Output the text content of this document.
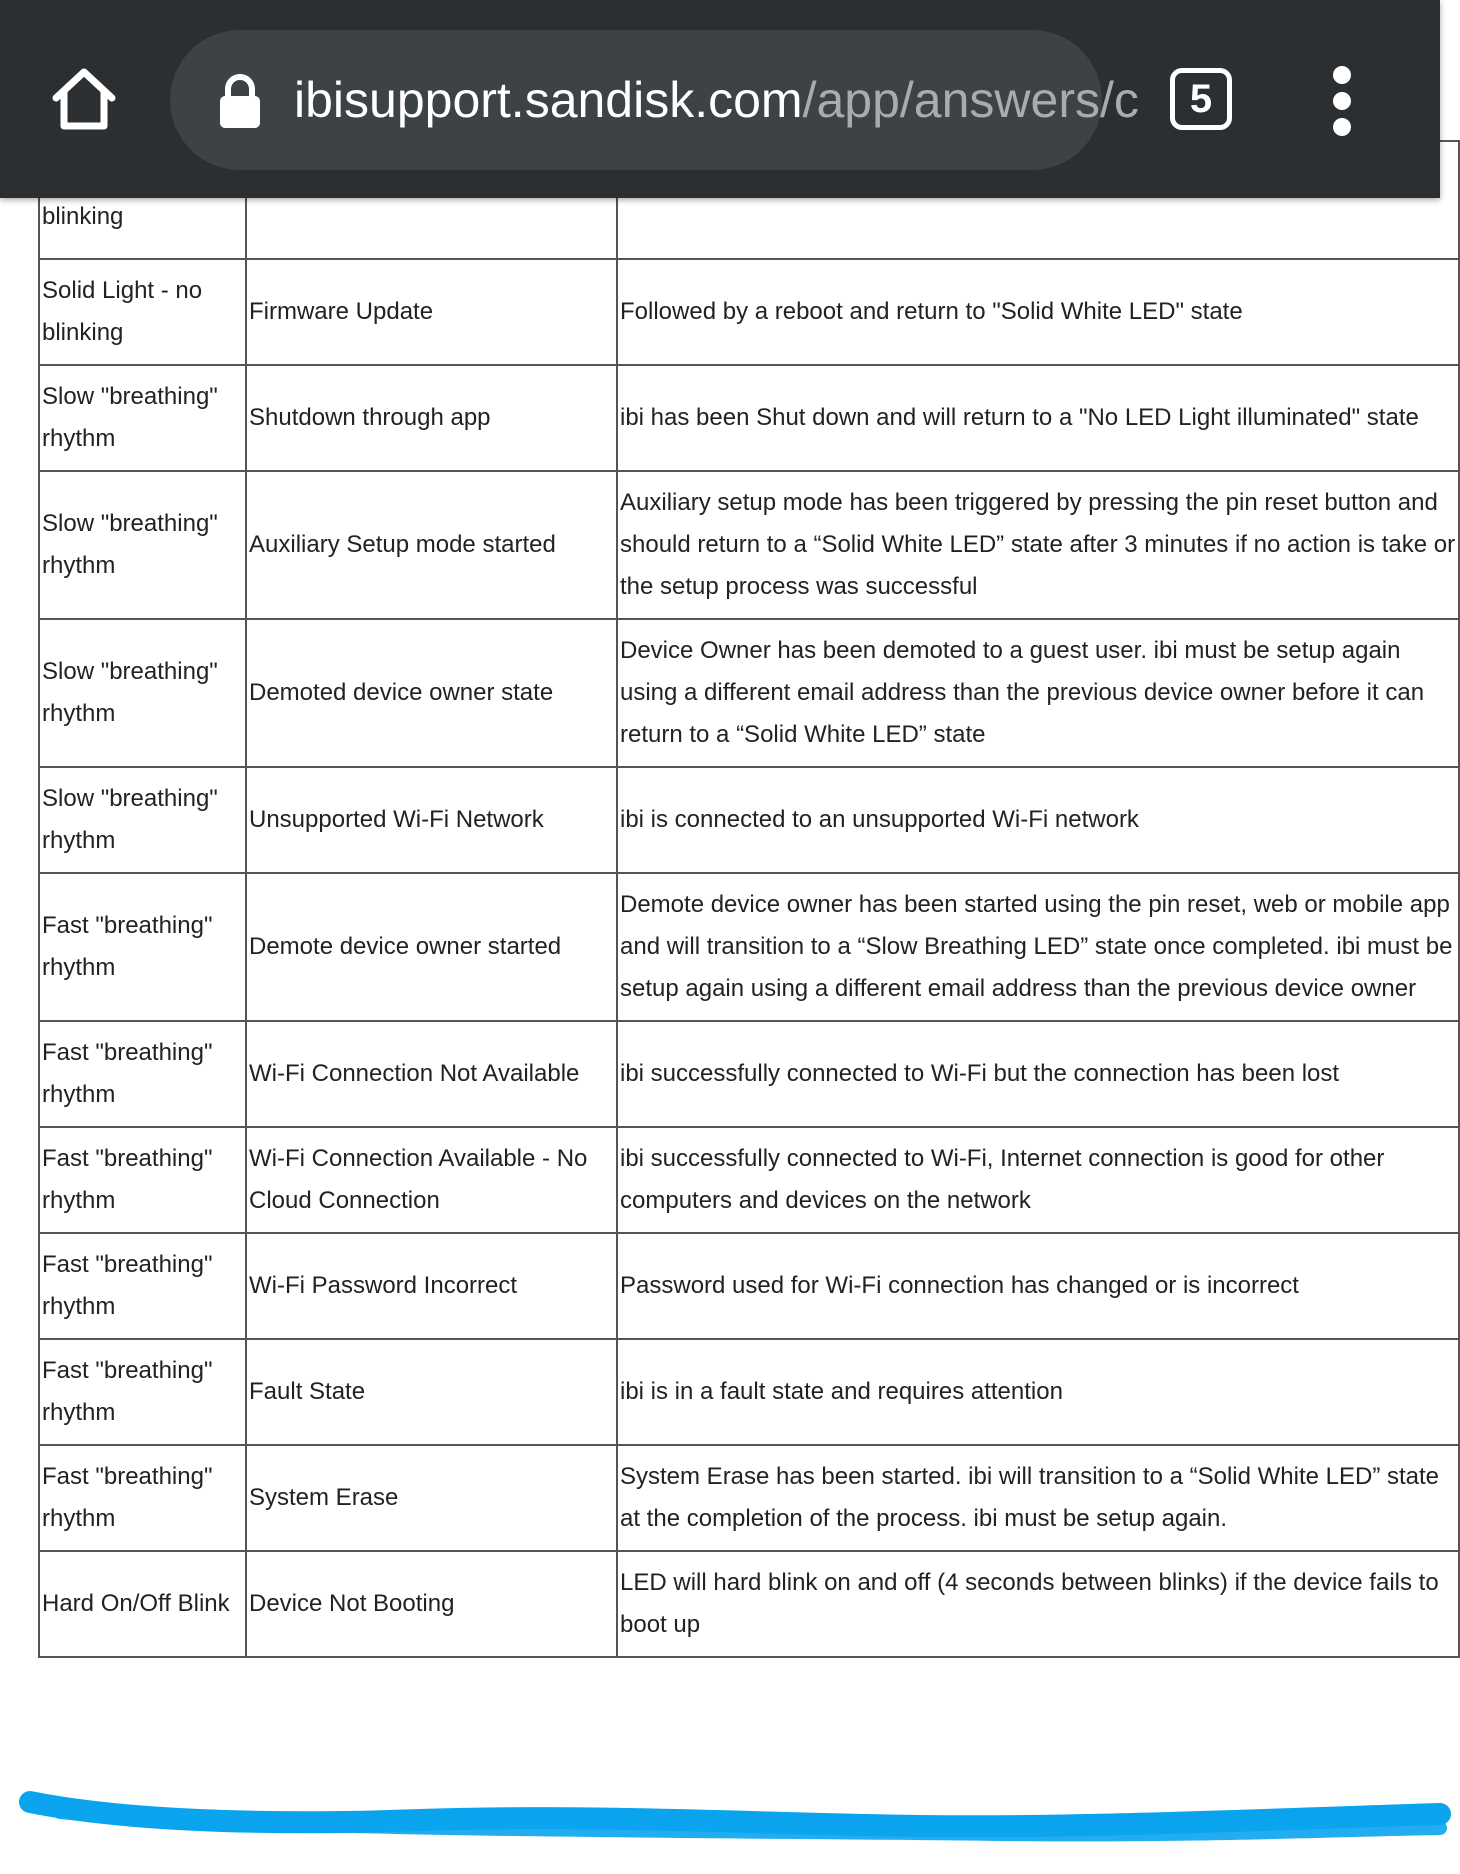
ibisupport.sandisk.com/app/answers/c	5
blinking	

Solid Light - no blinking	Firmware Update	Followed by a reboot and return to "Solid White LED" state
Slow "breathing" rhythm	Shutdown through app	ibi has been Shut down and will return to a "No LED Light illuminated" state
Slow "breathing" rhythm	Auxiliary Setup mode started	Auxiliary setup mode has been triggered by pressing the pin reset button and should return to a “Solid White LED” state after 3 minutes if no action is take or the setup process was successful
Slow "breathing" rhythm	Demoted device owner state	Device Owner has been demoted to a guest user. ibi must be setup again using a different email address than the previous device owner before it can return to a “Solid White LED” state
Slow "breathing" rhythm	Unsupported Wi-Fi Network	ibi is connected to an unsupported Wi-Fi network
Fast "breathing" rhythm	Demote device owner started	Demote device owner has been started using the pin reset, web or mobile app and will transition to a “Slow Breathing LED” state once completed. ibi must be setup again using a different email address than the previous device owner
Fast "breathing" rhythm	Wi-Fi Connection Not Available	ibi successfully connected to Wi-Fi but the connection has been lost
Fast "breathing" rhythm	Wi-Fi Connection Available - No Cloud Connection	ibi successfully connected to Wi-Fi, Internet connection is good for other computers and devices on the network
Fast "breathing" rhythm	Wi-Fi Password Incorrect	Password used for Wi-Fi connection has changed or is incorrect
Fast "breathing" rhythm	Fault State	ibi is in a fault state and requires attention
Fast "breathing" rhythm	System Erase	System Erase has been started. ibi will transition to a “Solid White LED” state at the completion of the process. ibi must be setup again.
Hard On/Off Blink	Device Not Booting	LED will hard blink on and off (4 seconds between blinks) if the device fails to boot up
